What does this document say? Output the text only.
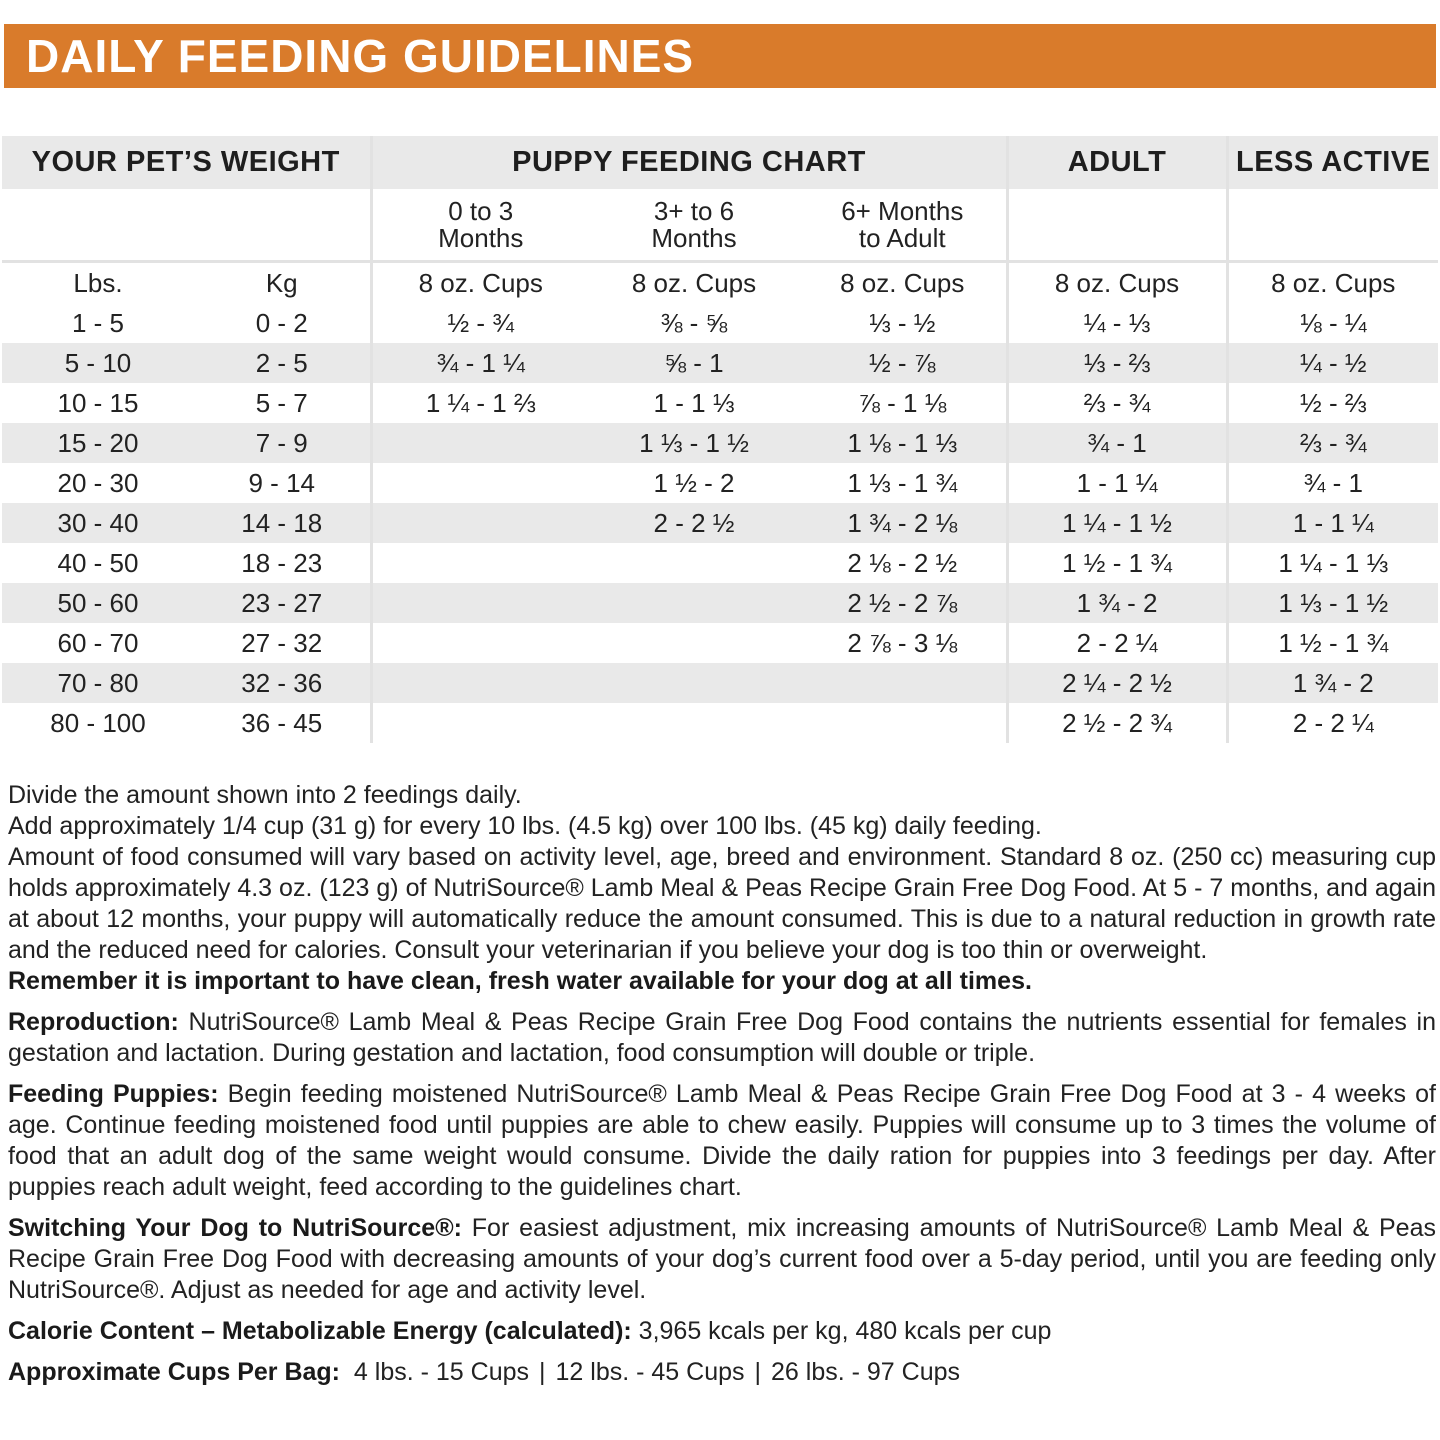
DAILY FEEDING GUIDELINES
YOUR PET’S WEIGHT		PUPPY FEEDING CHART			ADULT	LESS ACTIVE
		0 to 3 Months	3+ to 6 Months	6+ Months to Adult		
Lbs.	Kg	8 oz. Cups	8 oz. Cups	8 oz. Cups	8 oz. Cups	8 oz. Cups
1 - 5	0 - 2	½ - ¾	⅜ - ⅝	⅓ - ½	¼ - ⅓	⅛ - ¼
5 - 10	2 - 5	¾ - 1 ¼	⅝ - 1	½ - ⅞	⅓ - ⅔	¼ - ½
10 - 15	5 - 7	1 ¼ - 1 ⅔	1 - 1 ⅓	⅞ - 1 ⅛	⅔ - ¾	½ - ⅔
15 - 20	7 - 9		1 ⅓ - 1 ½	1 ⅛ - 1 ⅓	¾ - 1	⅔ - ¾
20 - 30	9 - 14		1 ½ - 2	1 ⅓ - 1 ¾	1 - 1 ¼	¾ - 1
30 - 40	14 - 18		2 - 2 ½	1 ¾ - 2 ⅛	1 ¼ - 1 ½	1 - 1 ¼
40 - 50	18 - 23			2 ⅛ - 2 ½	1 ½ - 1 ¾	1 ¼ - 1 ⅓
50 - 60	23 - 27			2 ½ - 2 ⅞	1 ¾ - 2	1 ⅓ - 1 ½
60 - 70	27 - 32			2 ⅞ - 3 ⅛	2 - 2 ¼	1 ½ - 1 ¾
70 - 80	32 - 36				2 ¼ - 2 ½	1 ¾ - 2
80 - 100	36 - 45				2 ½ - 2 ¾	2 - 2 ¼

Divide the amount shown into 2 feedings daily.

Add approximately 1/4 cup (31 g) for every 10 lbs. (4.5 kg) over 100 lbs. (45 kg) daily feeding.

Amount of food consumed will vary based on activity level, age, breed and environment. Standard 8 oz. (250 cc) measuring cup holds approximately 4.3 oz. (123 g) of NutriSource® Lamb Meal & Peas Recipe Grain Free Dog Food. At 5 - 7 months, and again at about 12 months, your puppy will automatically reduce the amount consumed. This is due to a natural reduction in growth rate and the reduced need for calories. Consult your veterinarian if you believe your dog is too thin or overweight.

Remember it is important to have clean, fresh water available for your dog at all times.

Reproduction: NutriSource® Lamb Meal & Peas Recipe Grain Free Dog Food contains the nutrients essential for females in gestation and lactation. During gestation and lactation, food consumption will double or triple.

Feeding Puppies: Begin feeding moistened NutriSource® Lamb Meal & Peas Recipe Grain Free Dog Food at 3 - 4 weeks of age. Continue feeding moistened food until puppies are able to chew easily. Puppies will consume up to 3 times the volume of food that an adult dog of the same weight would consume. Divide the daily ration for puppies into 3 feedings per day. After puppies reach adult weight, feed according to the guidelines chart.

Switching Your Dog to NutriSource®: For easiest adjustment, mix increasing amounts of NutriSource® Lamb Meal & Peas Recipe Grain Free Dog Food with decreasing amounts of your dog’s current food over a 5-day period, until you are feeding only NutriSource®. Adjust as needed for age and activity level.

Calorie Content – Metabolizable Energy (calculated): 3,965 kcals per kg, 480 kcals per cup

Approximate Cups Per Bag: 4 lbs. - 15 Cups | 12 lbs. - 45 Cups | 26 lbs. - 97 Cups
